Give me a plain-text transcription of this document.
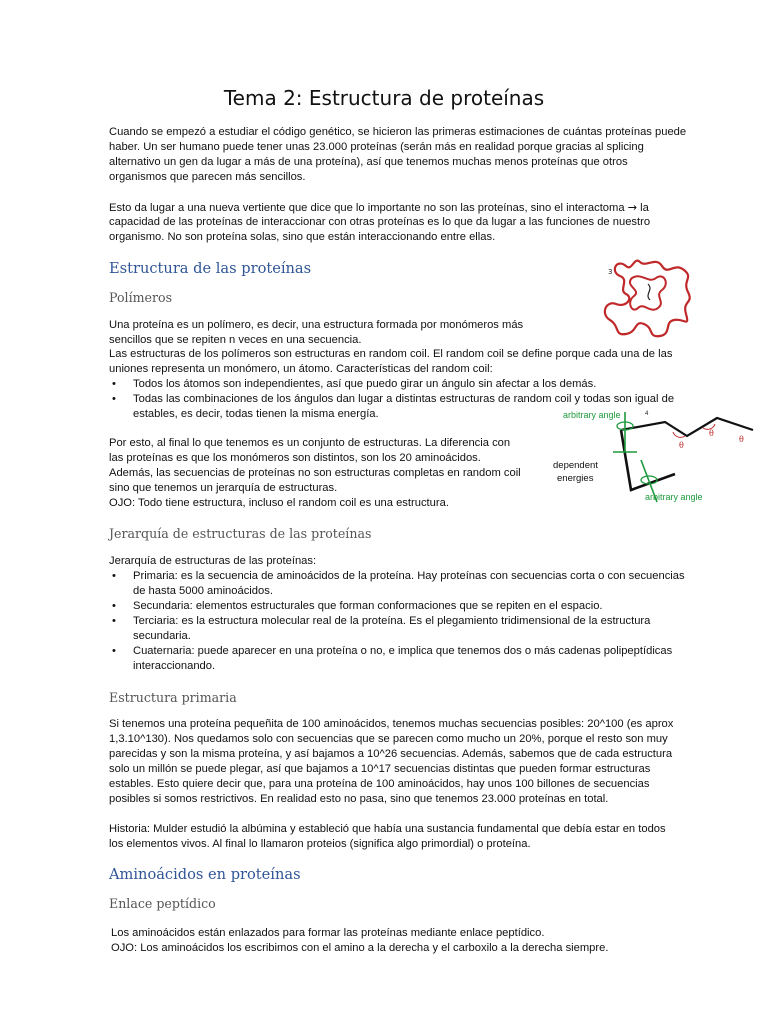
Tema 2: Estructura de proteínas

Cuando se empezó a estudiar el código genético, se hicieron las primeras estimaciones de cuántas proteínas puede

haber. Un ser humano puede tener unas 23.000 proteínas (serán más en realidad porque gracias al splicing

alternativo un gen da lugar a más de una proteína), así que tenemos muchas menos proteínas que otros

organismos que parecen más sencillos.

Esto da lugar a una nueva vertiente que dice que lo importante no son las proteínas, sino el interactoma → la

capacidad de las proteínas de interaccionar con otras proteínas es lo que da lugar a las funciones de nuestro

organismo. No son proteína solas, sino que están interaccionando entre ellas.

Estructura de las proteínas
Polímeros

Una proteína es un polímero, es decir, una estructura formada por monómeros más

sencillos que se repiten n veces en una secuencia.

Las estructuras de los polímeros son estructuras en random coil. El random coil se define porque cada una de las

uniones representa un monómero, un átomo. Características del random coil:

• Todos los átomos son independientes, así que puedo girar un ángulo sin afectar a los demás.
• Todas las combinaciones de los ángulos dan lugar a distintas estructuras de random coil y todas son igual de
estables, es decir, todas tienen la misma energía.

Por esto, al final lo que tenemos es un conjunto de estructuras. La diferencia con

las proteínas es que los monómeros son distintos, son los 20 aminoácidos.

Además, las secuencias de proteínas no son estructuras completas en random coil

sino que tenemos un jerarquía de estructuras.

OJO: Todo tiene estructura, incluso el random coil es una estructura.

Jerarquía de estructuras de las proteínas

Jerarquía de estructuras de las proteínas:

• Primaria: es la secuencia de aminoácidos de la proteína. Hay proteínas con secuencias corta o con secuencias
de hasta 5000 aminoácidos.
• Secundaria: elementos estructurales que forman conformaciones que se repiten en el espacio.
• Terciaria: es la estructura molecular real de la proteína. Es el plegamiento tridimensional de la estructura
secundaria.
• Cuaternaria: puede aparecer en una proteína o no, e implica que tenemos dos o más cadenas polipeptídicas
interaccionando.
Estructura primaria

Si tenemos una proteína pequeñita de 100 aminoácidos, tenemos muchas secuencias posibles: 20^100 (es aprox

1,3.10^130). Nos quedamos solo con secuencias que se parecen como mucho un 20%, porque el resto son muy

parecidas y son la misma proteína, y así bajamos a 10^26 secuencias. Además, sabemos que de cada estructura

solo un millón se puede plegar, así que bajamos a 10^17 secuencias distintas que pueden formar estructuras

estables. Esto quiere decir que, para una proteína de 100 aminoácidos, hay unos 100 billones de secuencias

posibles si somos restrictivos. En realidad esto no pasa, sino que tenemos 23.000 proteínas en total.

Historia: Mulder estudió la albúmina y estableció que había una sustancia fundamental que debía estar en todos

los elementos vivos. Al final lo llamaron proteios (significa algo primordial) o proteína.

Aminoácidos en proteínas
Enlace peptídico

Los aminoácidos están enlazados para formar las proteínas mediante enlace peptídico.

OJO: Los aminoácidos los escribimos con el amino a la derecha y el carboxilo a la derecha siempre.

3
arbitrary angle	4
dependent
energies
arbitrary angle
θ
θ
θ
